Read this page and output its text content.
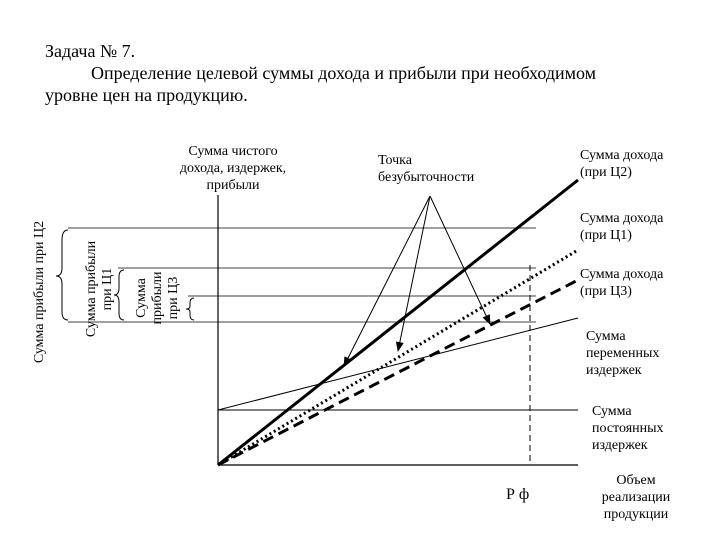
Задача № 7.

Определение целевой суммы дохода и прибыли при необходимом
уровне цен на продукцию.
Сумма чистого
дохода, издержек,
прибыли
Точка
безубыточности
Сумма дохода
(при Ц2)
Сумма дохода
(при Ц1)
Сумма дохода
(при Ц3)
Сумма
переменных
издержек
Сумма
постоянных
издержек
Объем
реализации
продукции
Р ф
Сумма прибыли при Ц2	Сумма прибыли
при Ц1 Сумма
прибыли
при Ц3
